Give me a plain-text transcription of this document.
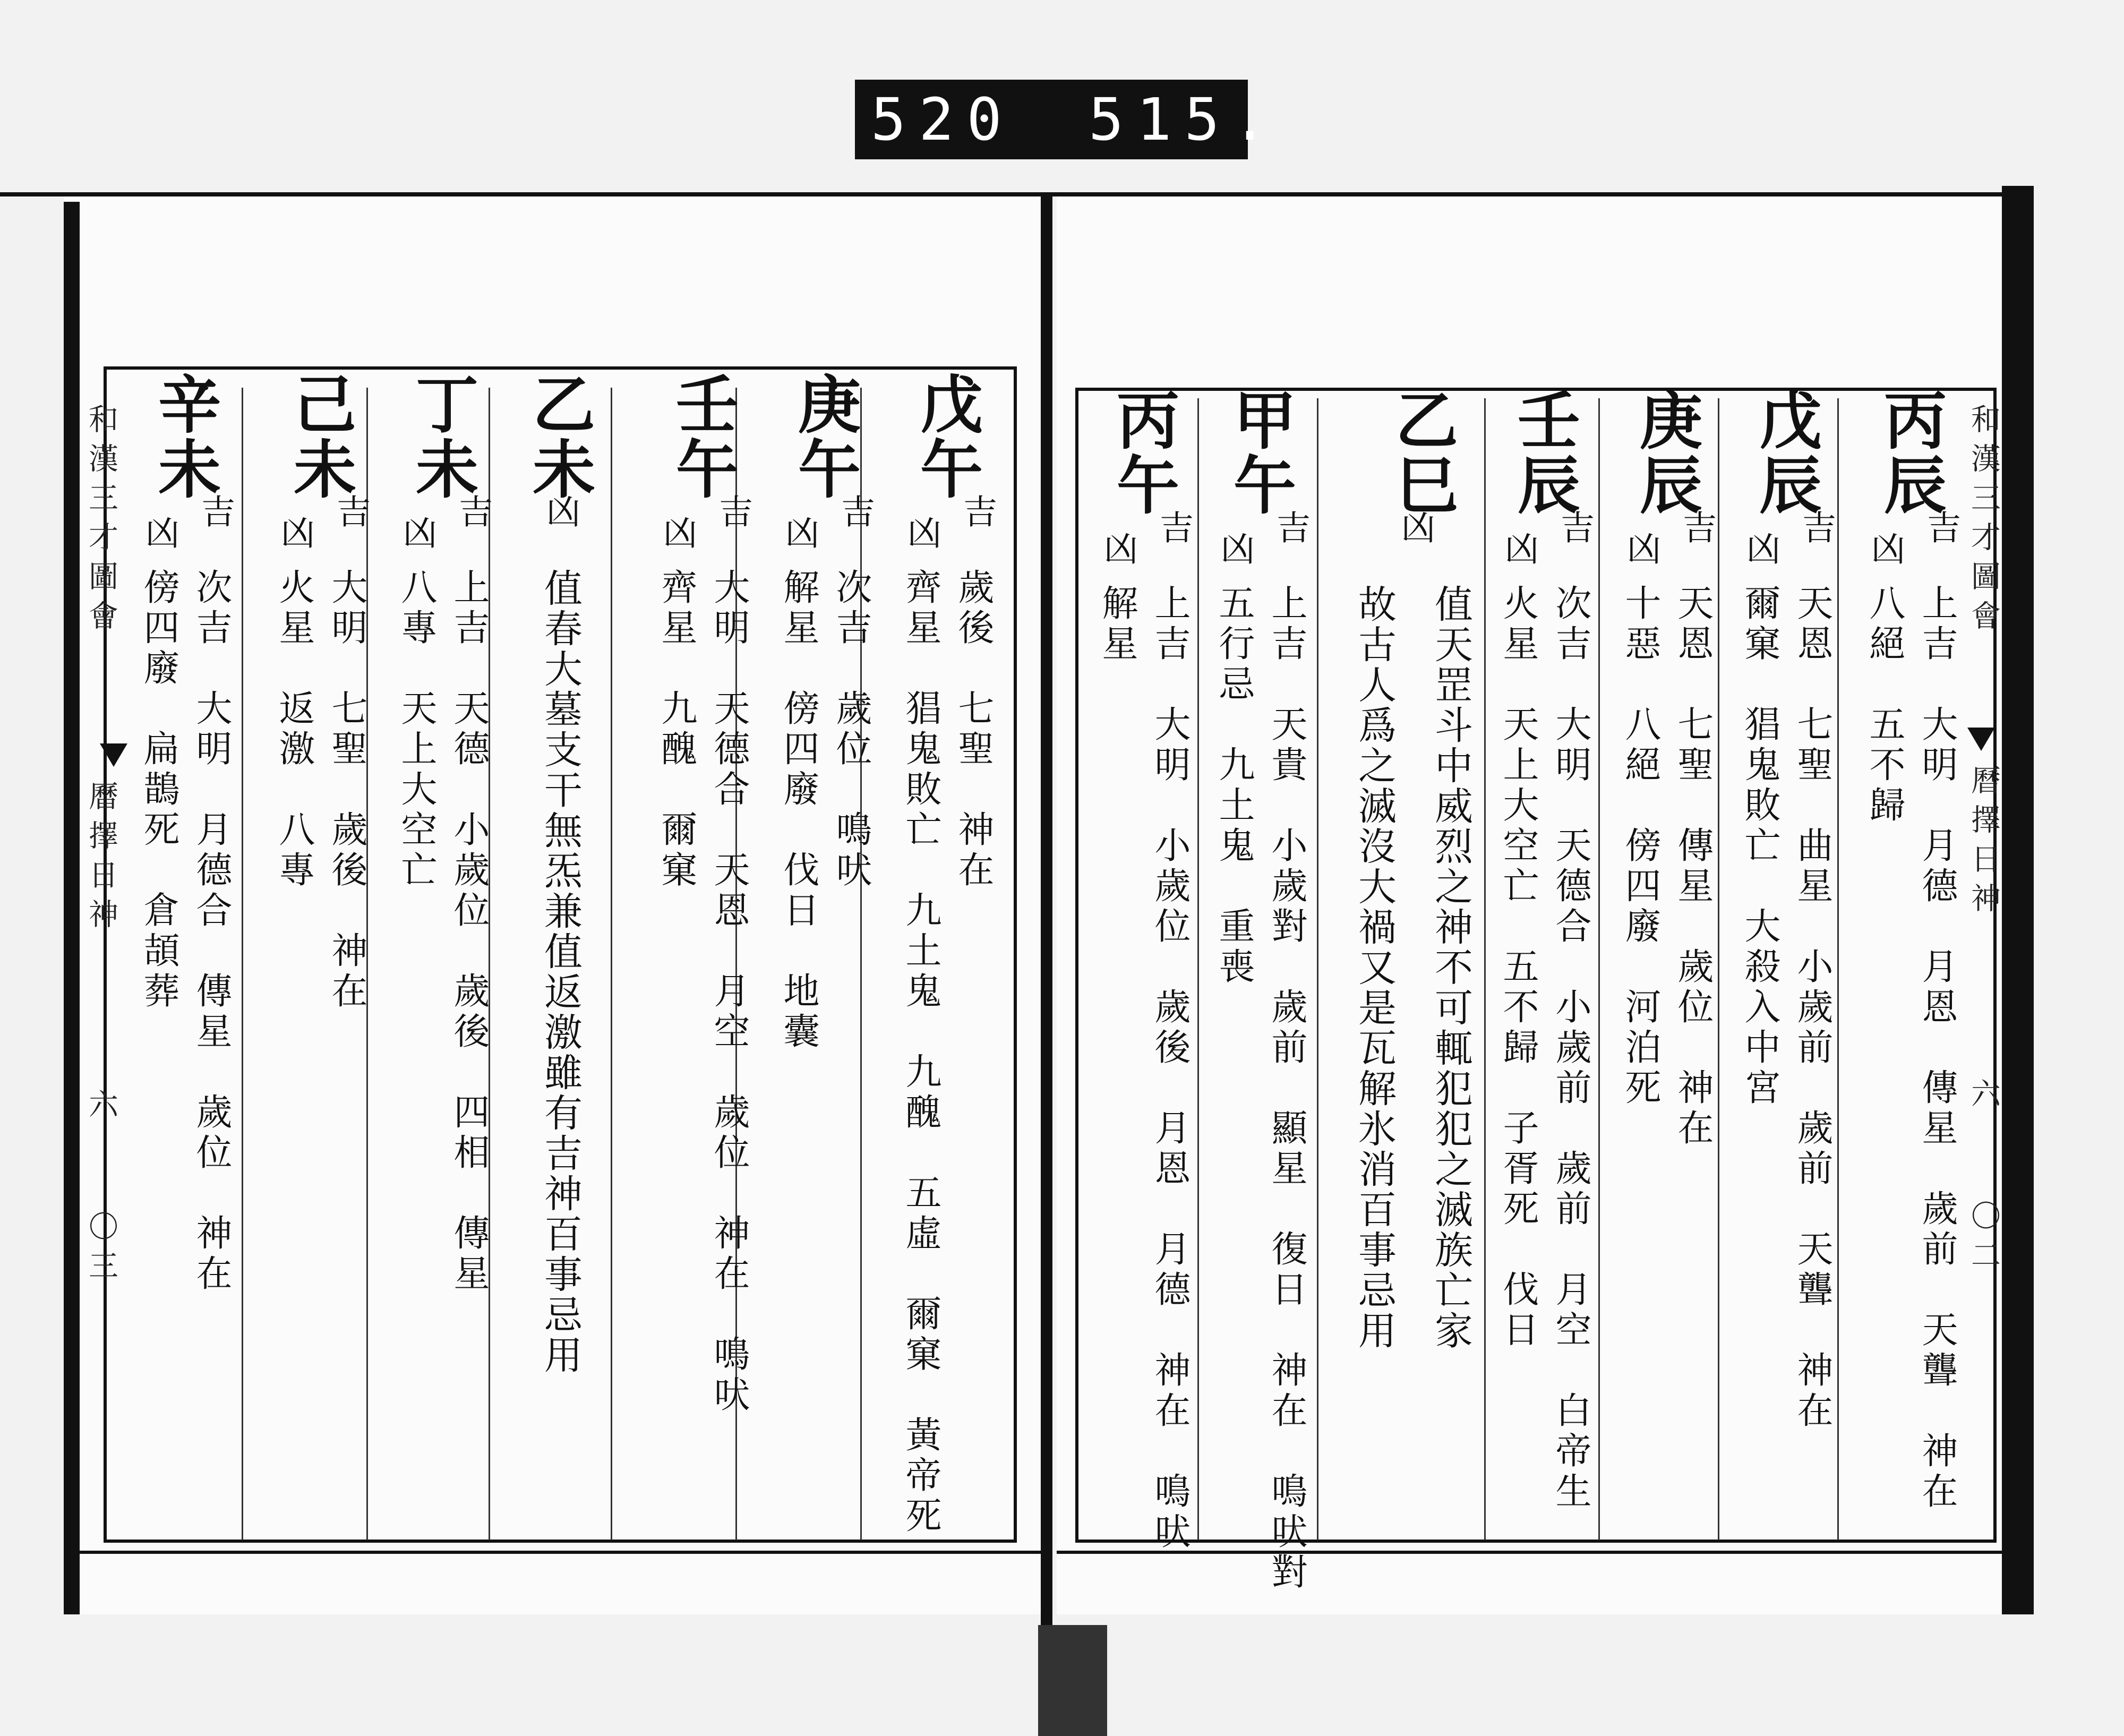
520 515.
和漢三才圖會
曆擇日神
六
〇三
戊午
吉
凶
歲後　七聖　神在
齊星　猖鬼敗亡　九土鬼　九醜　五虛　爾窠　黃帝死
庚午
吉
凶
次吉　歲位　鳴吠
解星　傍四廢　伐日　地囊
壬午
吉
凶
大明　天德合　天恩　月空　歲位　神在　鳴吠
齊星　九醜　爾窠
乙未
凶
值春大墓支干無炁兼值返激雖有吉神百事忌用
丁未
吉
凶
上吉　天德　小歲位　歲後　四相　傳星
八專　天上大空亡
己未
吉
凶
大明　七聖　歲後　神在
火星　返激　八專
辛未
吉
凶
次吉　大明　月德合　傳星　歲位　神在
傍四廢　扁鵲死　倉頡葬
和漢三才圖會
曆擇日神
六
〇二
丙辰
吉
凶
上吉　大明　月德　月恩　傳星　歲前　天聾　神在
八絕　五不歸
戊辰
吉
凶
天恩　七聖　曲星　小歲前　歲前　天聾　神在
爾窠　猖鬼敗亡　大殺入中宮
庚辰
吉
凶
天恩　七聖　傳星　歲位　神在
十惡　八絕　傍四廢　河泊死
壬辰
吉
凶
次吉　大明　天德合　小歲前　歲前　月空　白帝生
火星　天上大空亡　五不歸　子胥死　伐日
乙巳
凶
值天罡斗中威烈之神不可輒犯犯之滅族亡家
故古人爲之滅沒大禍又是瓦解氷消百事忌用
甲午
吉
凶
上吉　天貴　小歲對　歲前　顯星　復日　神在　鳴吠對
五行忌　九土鬼　重喪
丙午
吉
凶
上吉　大明　小歲位　歲後　月恩　月德　神在　鳴吠
解星
